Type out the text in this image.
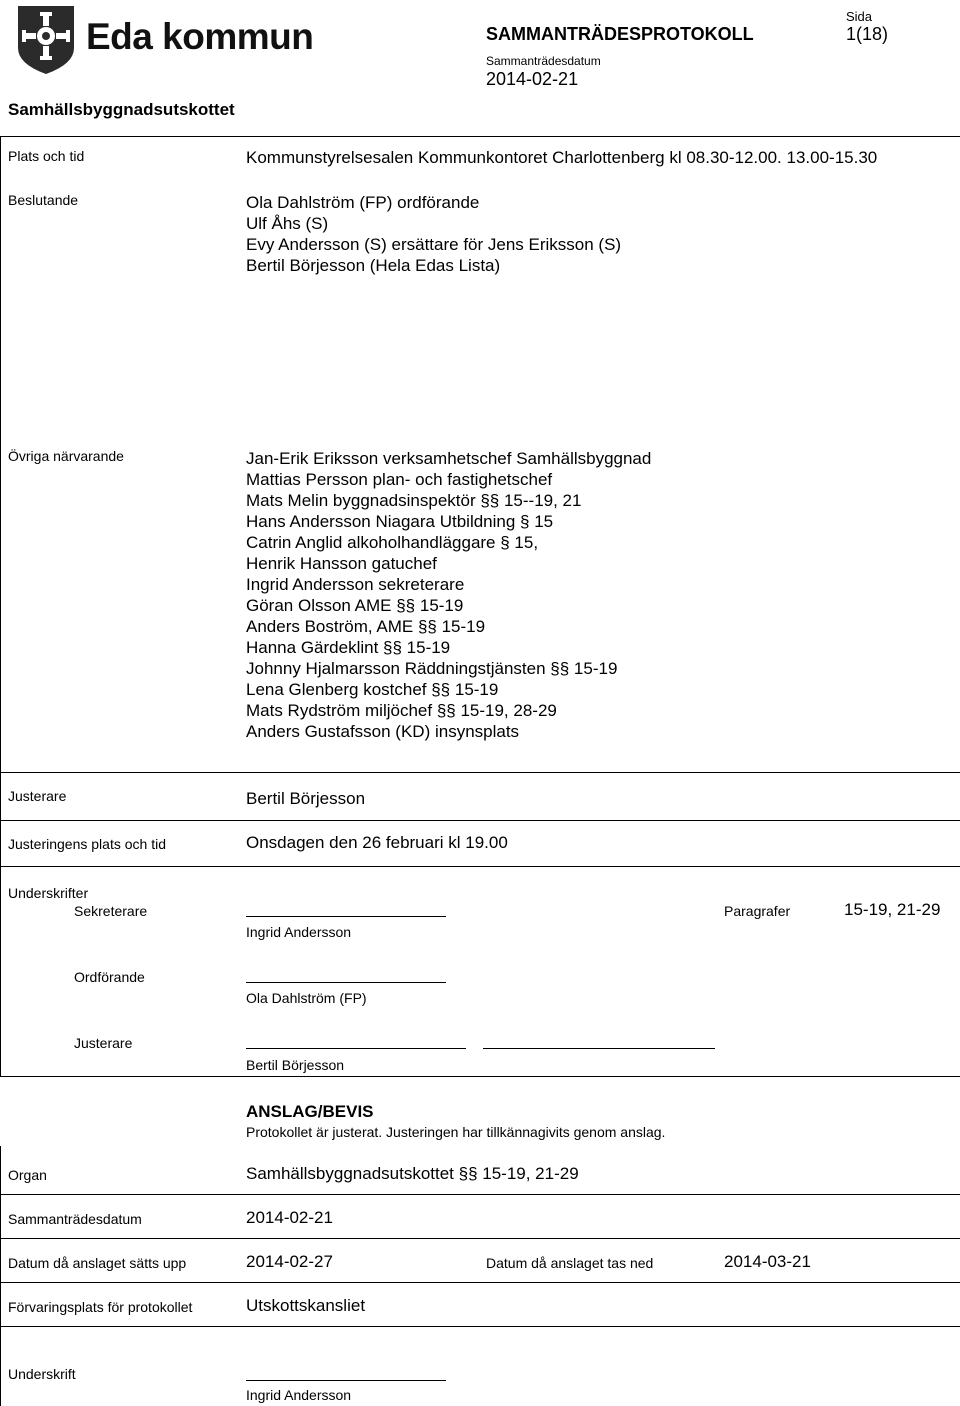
Eda kommun	SAMMANTRÄDESPROTOKOLL
Sammanträdesdatum
2014-02-21
Sida
1(18)
Samhällsbyggnadsutskottet
Plats och tid	Kommunstyrelsesalen Kommunkontoret Charlottenberg kl 08.30-12.00. 13.00-15.30
Beslutande	Ola Dahlström (FP) ordförande
Ulf Åhs (S)
Evy Andersson (S) ersättare för Jens Eriksson (S)
Bertil Börjesson (Hela Edas Lista)
Övriga närvarande	Jan-Erik Eriksson verksamhetschef Samhällsbyggnad
Mattias Persson plan- och fastighetschef
Mats Melin byggnadsinspektör §§ 15--19, 21
Hans Andersson Niagara Utbildning § 15
Catrin Anglid alkoholhandläggare § 15,
Henrik Hansson gatuchef
Ingrid Andersson sekreterare
Göran Olsson AME §§ 15-19
Anders Boström, AME §§ 15-19
Hanna Gärdeklint §§ 15-19
Johnny Hjalmarsson Räddningstjänsten §§ 15-19
Lena Glenberg kostchef §§ 15-19
Mats Rydström miljöchef §§ 15-19, 28-29
Anders Gustafsson (KD) insynsplats
Justerare	Bertil Börjesson
Justeringens plats och tid	Onsdagen den 26 februari kl 19.00
Underskrifter
Sekreterare
Ingrid Andersson
Paragrafer	15-19, 21-29
Ordförande
Ola Dahlström (FP)
Justerare
Bertil Börjesson
ANSLAG/BEVIS
Protokollet är justerat. Justeringen har tillkännagivits genom anslag.
Organ	Samhällsbyggnadsutskottet §§ 15-19, 21-29
Sammanträdesdatum	2014-02-21
Datum då anslaget sätts upp	2014-02-27	Datum då anslaget tas ned	2014-03-21
Förvaringsplats för protokollet	Utskottskansliet
Underskrift
Ingrid Andersson
